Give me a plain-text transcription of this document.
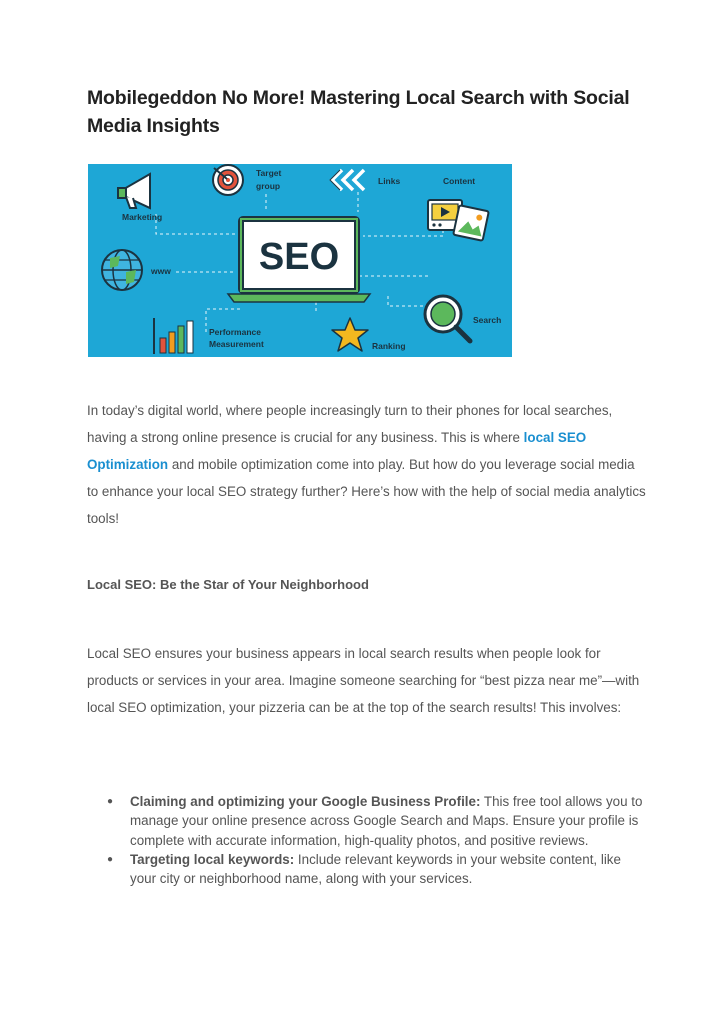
Mobilegeddon No More! Mastering Local Search with Social Media Insights
Marketing
Target
group	Links	Content
www SEO
Search
Performance
Measurement	Ranking

In today’s digital world, where people increasingly turn to their phones for local searches, having a strong online presence is crucial for any business. This is where local SEO Optimization and mobile optimization come into play. But how do you leverage social media to enhance your local SEO strategy further? Here’s how with the help of social media analytics tools!

Local SEO: Be the Star of Your Neighborhood

Local SEO ensures your business appears in local search results when people look for products or services in your area. Imagine someone searching for “best pizza near me”—with local SEO optimization, your pizzeria can be at the top of the search results! This involves:

● Claiming and optimizing your Google Business Profile: This free tool allows you to manage your online presence across Google Search and Maps. Ensure your profile is complete with accurate information, high-quality photos, and positive reviews.
● Targeting local keywords: Include relevant keywords in your website content, like your city or neighborhood name, along with your services.
